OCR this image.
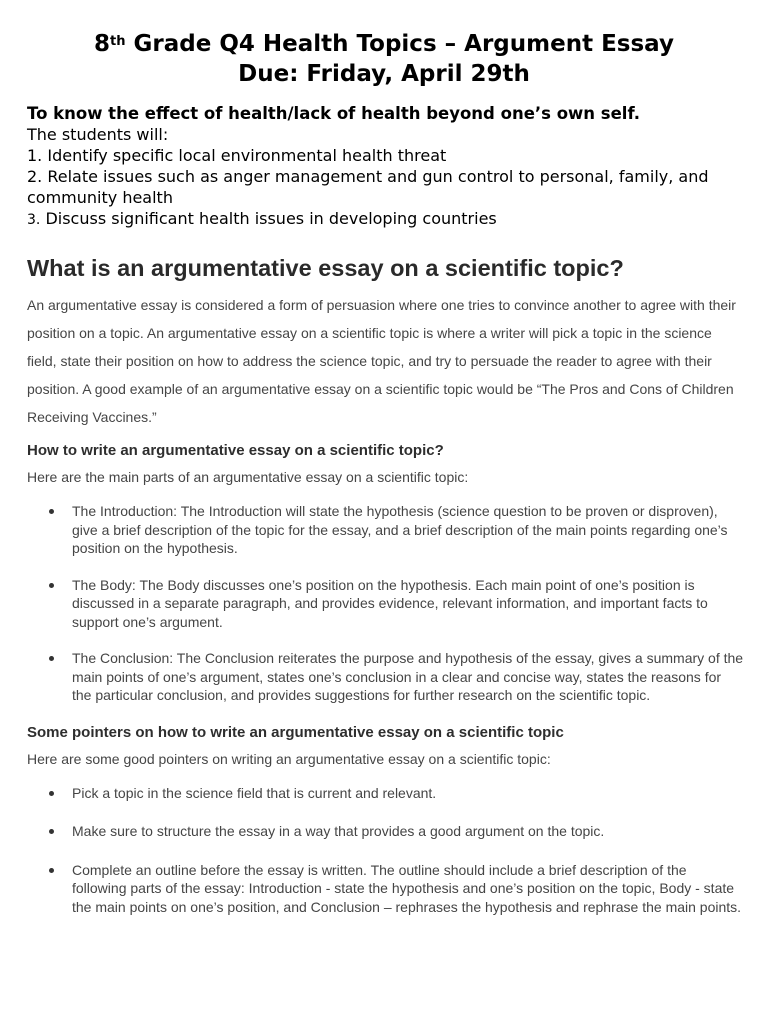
8th Grade Q4 Health Topics – Argument Essay
Due: Friday, April 29th
To know the effect of health/lack of health beyond one’s own self.
The students will:
1. Identify specific local environmental health threat
2. Relate issues such as anger management and gun control to personal, family, and community health
3. Discuss significant health issues in developing countries
What is an argumentative essay on a scientific topic?

An argumentative essay is considered a form of persuasion where one tries to convince another to agree with their position on a topic. An argumentative essay on a scientific topic is where a writer will pick a topic in the science field, state their position on how to address the science topic, and try to persuade the reader to agree with their position. A good example of an argumentative essay on a scientific topic would be “The Pros and Cons of Children Receiving Vaccines.”

How to write an argumentative essay on a scientific topic?
Here are the main parts of an argumentative essay on a scientific topic:
The Introduction: The Introduction will state the hypothesis (science question to be proven or disproven), give a brief description of the topic for the essay, and a brief description of the main points regarding one’s position on the hypothesis.
The Body: The Body discusses one’s position on the hypothesis. Each main point of one’s position is discussed in a separate paragraph, and provides evidence, relevant information, and important facts to support one’s argument.
The Conclusion: The Conclusion reiterates the purpose and hypothesis of the essay, gives a summary of the main points of one’s argument, states one’s conclusion in a clear and concise way, states the reasons for the particular conclusion, and provides suggestions for further research on the scientific topic.
Some pointers on how to write an argumentative essay on a scientific topic
Here are some good pointers on writing an argumentative essay on a scientific topic:
Pick a topic in the science field that is current and relevant.
Make sure to structure the essay in a way that provides a good argument on the topic.
Complete an outline before the essay is written. The outline should include a brief description of the following parts of the essay: Introduction - state the hypothesis and one’s position on the topic, Body - state the main points on one’s position, and Conclusion – rephrases the hypothesis and rephrase the main points.
